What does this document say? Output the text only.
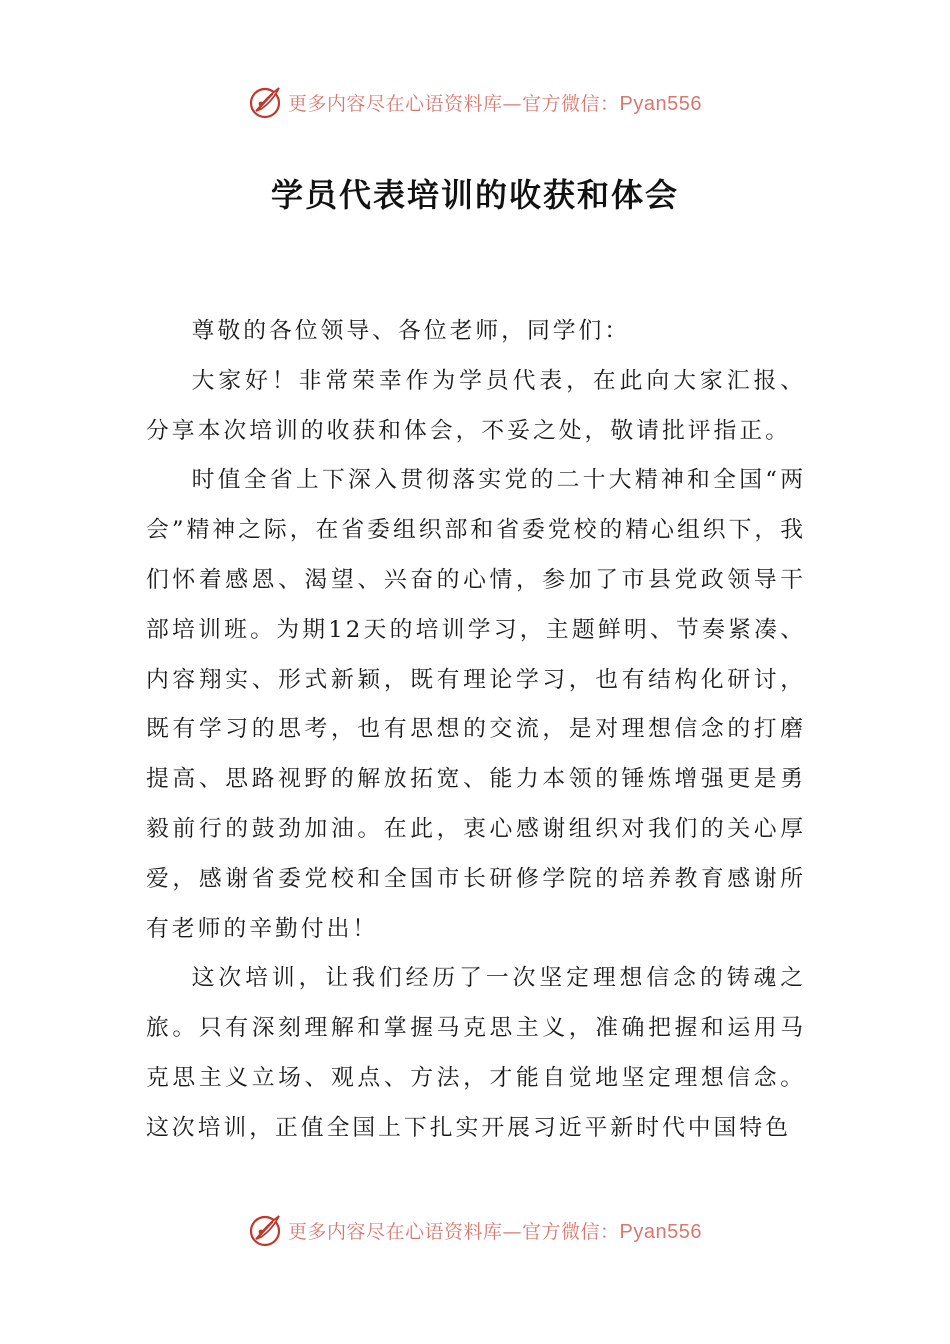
更多内容尽在心语资料库—官方微信：Pyan556
学员代表培训的收获和体会

尊敬的各位领导、各位老师，同学们：

大家好！非常荣幸作为学员代表，在此向大家汇报、分享本次培训的收获和体会，不妥之处，敬请批评指正。

时值全省上下深入贯彻落实党的二十大精神和全国“两会”精神之际，在省委组织部和省委党校的精心组织下，我们怀着感恩、渴望、兴奋的心情，参加了市县党政领导干部培训班。为期12天的培训学习，主题鲜明、节奏紧凑、内容翔实、形式新颖，既有理论学习，也有结构化研讨，既有学习的思考，也有思想的交流，是对理想信念的打磨提高、思路视野的解放拓宽、能力本领的锤炼增强更是勇毅前行的鼓劲加油。在此，衷心感谢组织对我们的关心厚爱，感谢省委党校和全国市长研修学院的培养教育感谢所有老师的辛勤付出！

这次培训，让我们经历了一次坚定理想信念的铸魂之旅。只有深刻理解和掌握马克思主义，准确把握和运用马克思主义立场、观点、方法，才能自觉地坚定理想信念。这次培训，正值全国上下扎实开展习近平新时代中国特色

更多内容尽在心语资料库—官方微信：Pyan556
